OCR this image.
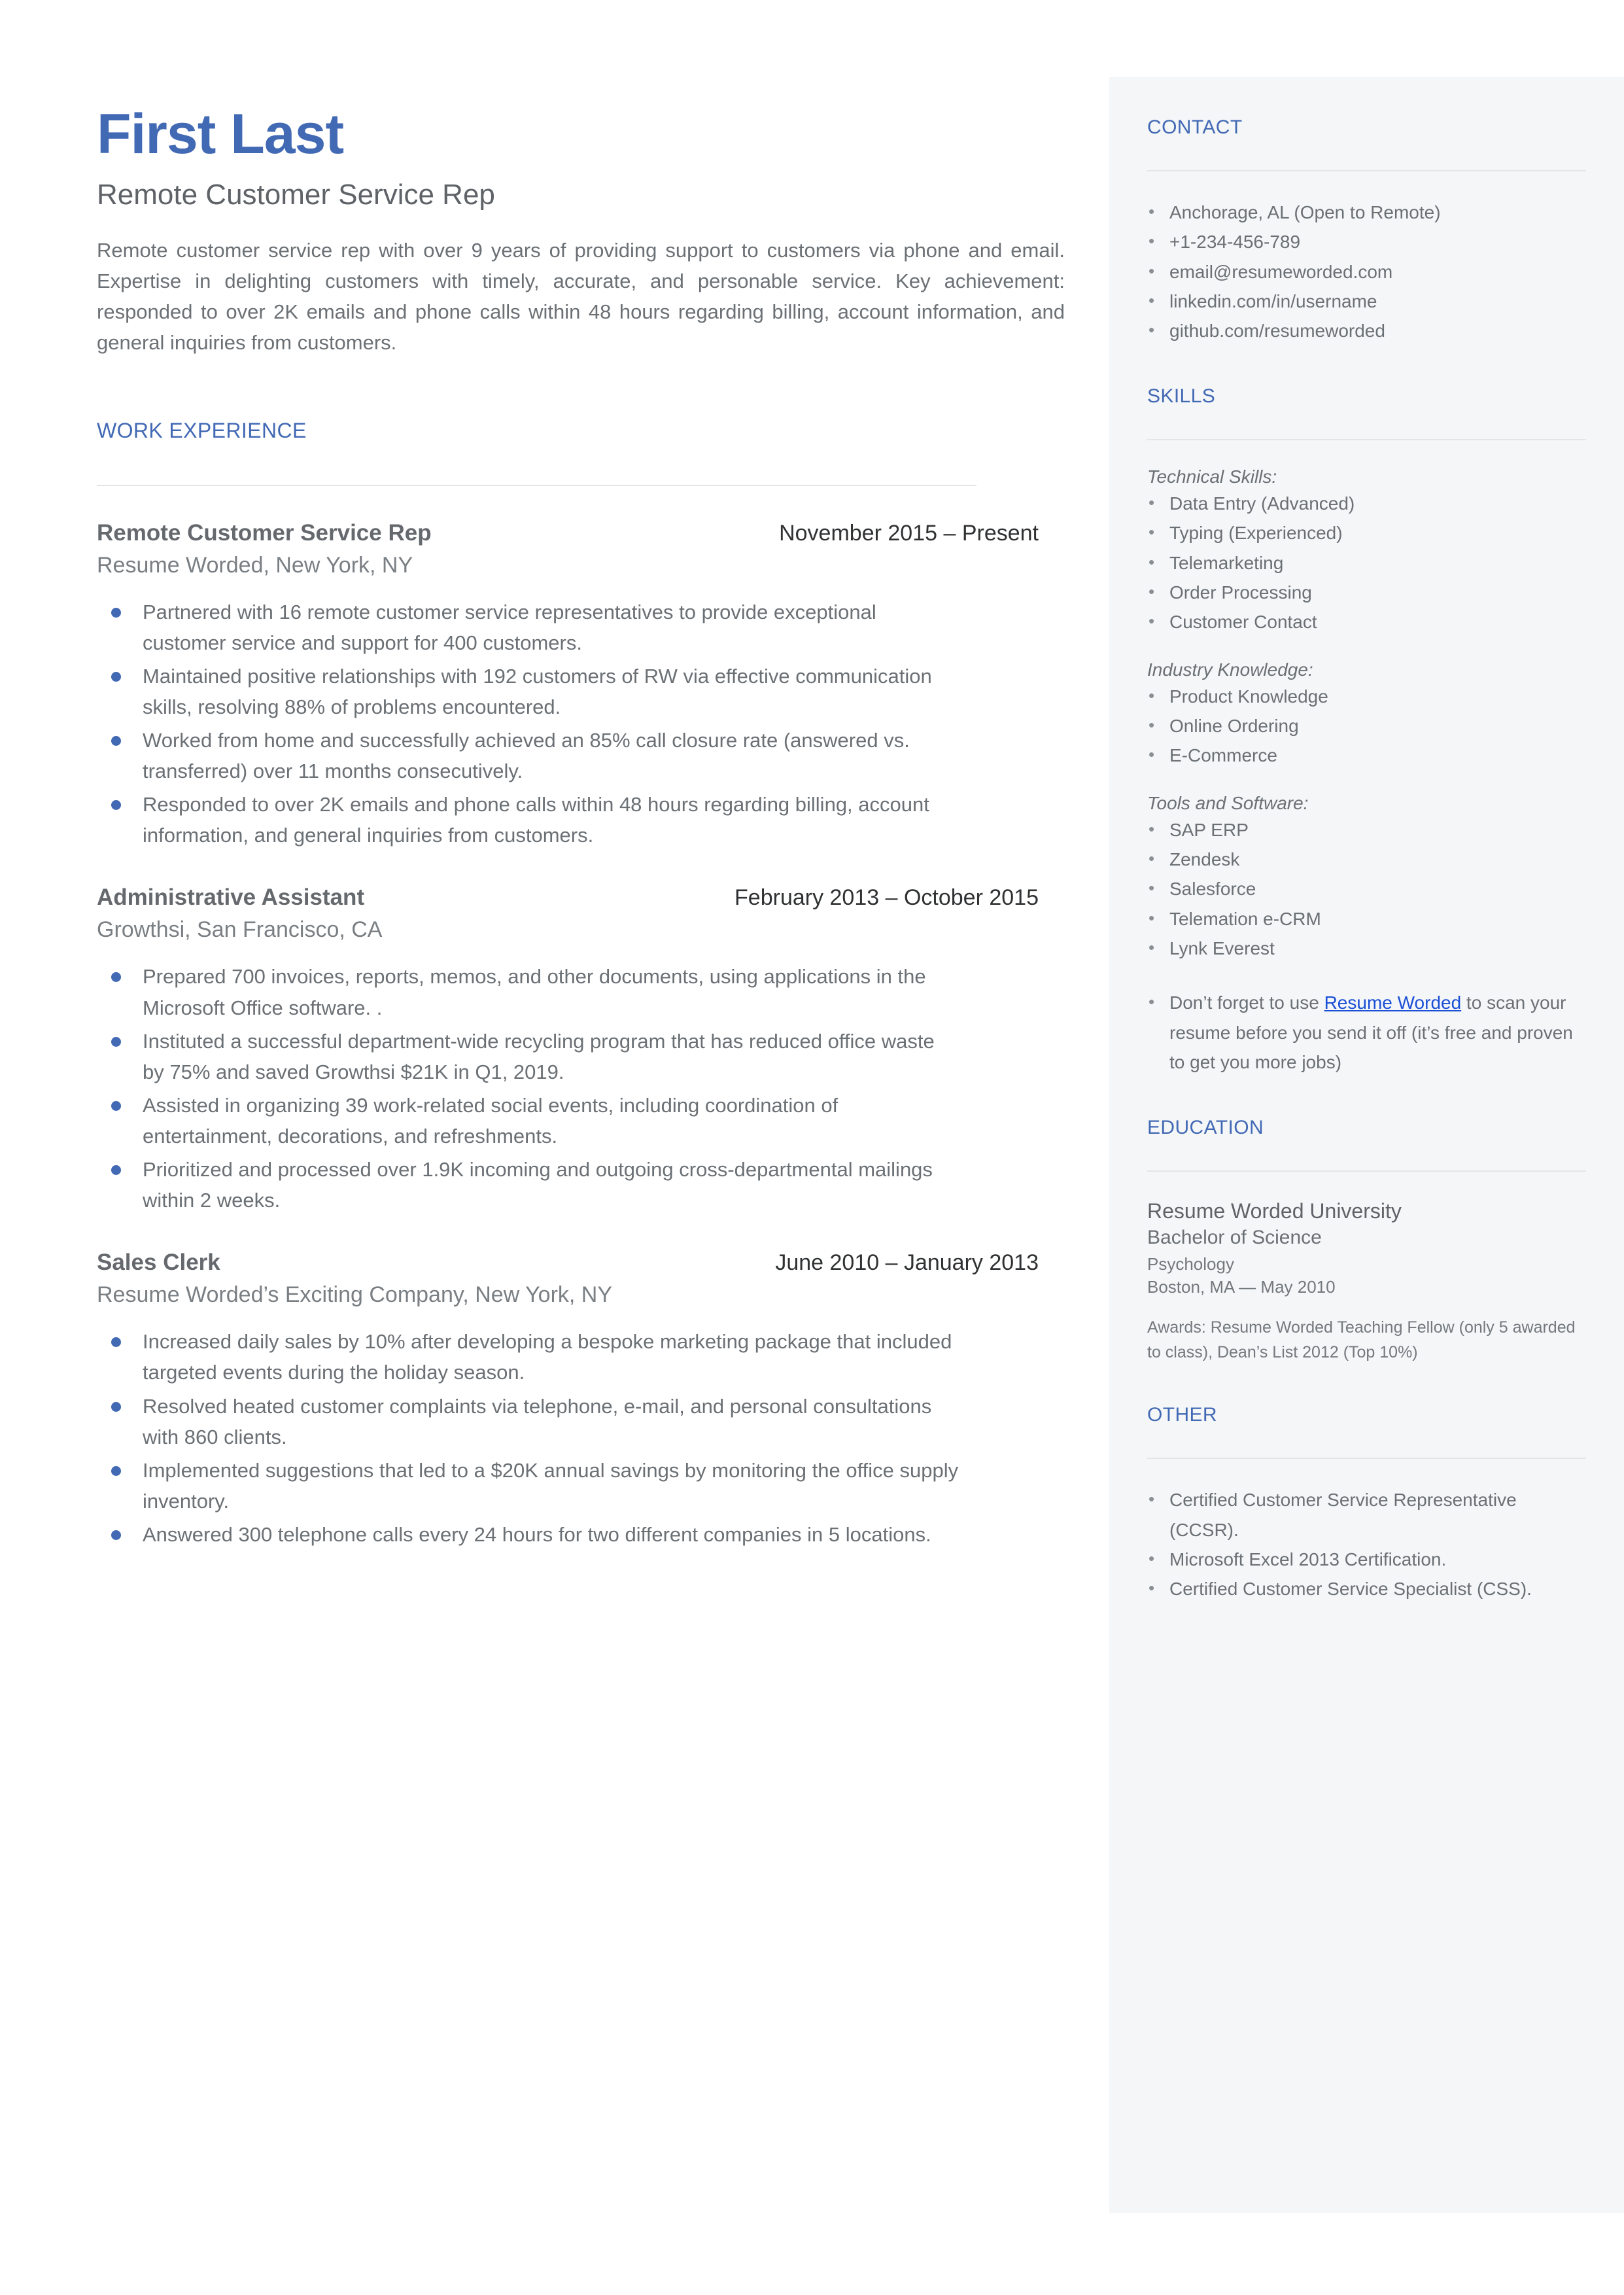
CONTACT
• Anchorage, AL (Open to Remote)
• +1-234-456-789
• email@resumeworded.com
• linkedin.com/in/username
• github.com/resumeworded
SKILLS
Technical Skills:
• Data Entry (Advanced)
• Typing (Experienced)
• Telemarketing
• Order Processing
• Customer Contact
Industry Knowledge:
• Product Knowledge
• Online Ordering
• E-Commerce
Tools and Software:
• SAP ERP
• Zendesk
• Salesforce
• Telemation e-CRM
• Lynk Everest
• Don’t forget to use Resume Worded to scan your resume before you send it off (it’s free and proven to get you more jobs)
EDUCATION
Resume Worded University
Bachelor of Science
Psychology
Boston, MA — May 2010
Awards: Resume Worded Teaching Fellow (only 5 awarded to class), Dean’s List 2012 (Top 10%)
OTHER
• Certified Customer Service Representative (CCSR).
• Microsoft Excel 2013 Certification.
• Certified Customer Service Specialist (CSS).
First Last
Remote Customer Service Rep

Remote customer service rep with over 9 years of providing support to customers via phone and email. Expertise in delighting customers with timely, accurate, and personable service. Key achievement: responded to over 2K emails and phone calls within 48 hours regarding billing, account information, and general inquiries from customers.

WORK EXPERIENCE
Remote Customer Service Rep	November 2015 – Present
Resume Worded, New York, NY
Partnered with 16 remote customer service representatives to provide exceptional customer service and support for 400 customers.
Maintained positive relationships with 192 customers of RW via effective communication skills, resolving 88% of problems encountered.
Worked from home and successfully achieved an 85% call closure rate (answered vs. transferred) over 11 months consecutively.
Responded to over 2K emails and phone calls within 48 hours regarding billing, account information, and general inquiries from customers.
Administrative Assistant	February 2013 – October 2015
Growthsi, San Francisco, CA
Prepared 700 invoices, reports, memos, and other documents, using applications in the Microsoft Office software. .
Instituted a successful department-wide recycling program that has reduced office waste by 75% and saved Growthsi $21K in Q1, 2019.
Assisted in organizing 39 work-related social events, including coordination of entertainment, decorations, and refreshments.
Prioritized and processed over 1.9K incoming and outgoing cross-departmental mailings within 2 weeks.
Sales Clerk	June 2010 – January 2013
Resume Worded’s Exciting Company, New York, NY
Increased daily sales by 10% after developing a bespoke marketing package that included targeted events during the holiday season.
Resolved heated customer complaints via telephone, e-mail, and personal consultations with 860 clients.
Implemented suggestions that led to a $20K annual savings by monitoring the office supply inventory.
Answered 300 telephone calls every 24 hours for two different companies in 5 locations.
